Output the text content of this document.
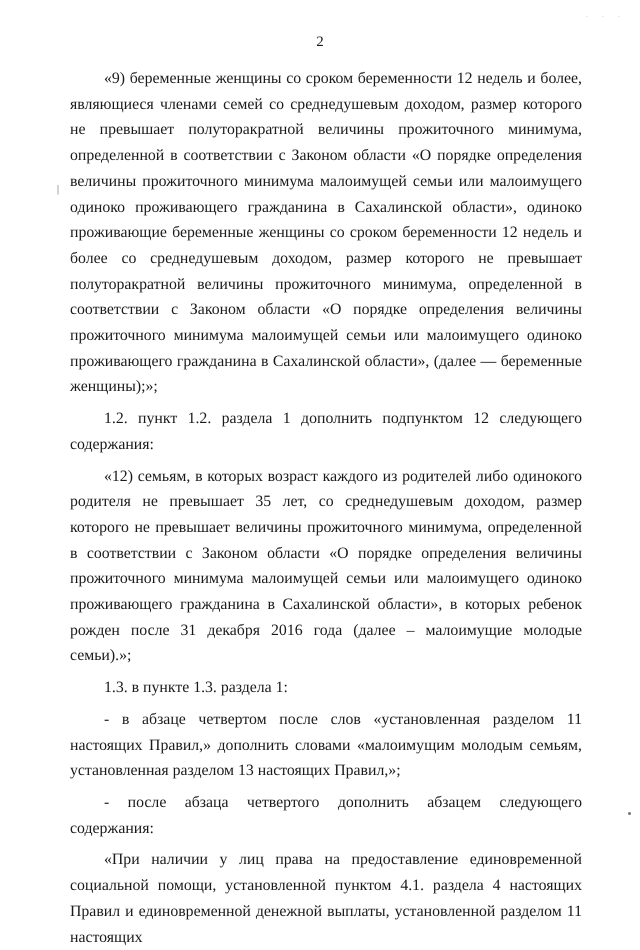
. . .
2
|

«9) беременные женщины со сроком беременности 12 недель и более, являющиеся членами семей со среднедушевым доходом, размер которого не превышает полуторакратной величины прожиточного минимума, определенной в соответствии с Законом области «О порядке определения величины прожиточного минимума малоимущей семьи или малоимущего одиноко проживающего гражданина в Сахалинской области», одиноко проживающие беременные женщины со сроком беременности 12 недель и более со среднедушевым доходом, размер которого не превышает полуторакратной величины прожиточного минимума, определенной в соответствии с Законом области «О порядке определения величины прожиточного минимума малоимущей семьи или малоимущего одиноко проживающего гражданина в Сахалинской области», (далее — беременные женщины);»;

1.2. пункт 1.2. раздела 1 дополнить подпунктом 12 следующего содержания:

«12) семьям, в которых возраст каждого из родителей либо одинокого родителя не превышает 35 лет, со среднедушевым доходом, размер которого не превышает величины прожиточного минимума, определенной в соответствии с Законом области «О порядке определения величины прожиточного минимума малоимущей семьи или малоимущего одиноко проживающего гражданина в Сахалинской области», в которых ребенок рожден после 31 декабря 2016 года (далее – малоимущие молодые семьи).»;

1.3. в пункте 1.3. раздела 1:

- в абзаце четвертом после слов «установленная разделом 11 настоящих Правил,» дополнить словами «малоимущим молодым семьям, установленная разделом 13 настоящих Правил,»;

- после абзаца четвертого дополнить абзацем следующего содержания:

«При наличии у лиц права на предоставление единовременной социальной помощи, установленной пунктом 4.1. раздела 4 настоящих Правил и единовременной денежной выплаты, установленной разделом 11 настоящих
